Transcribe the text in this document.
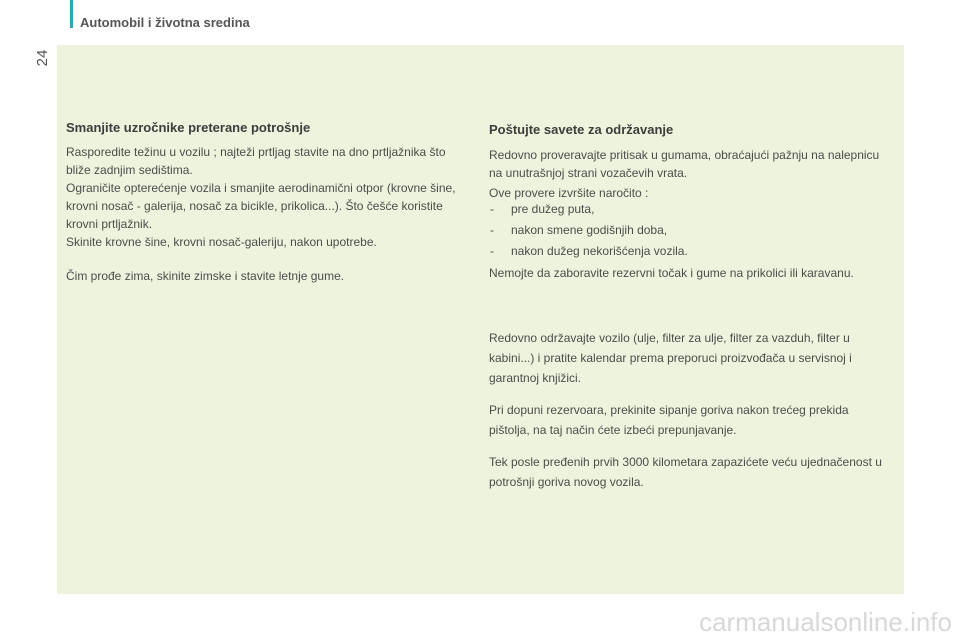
Automobil i životna sredina
24
Smanjite uzročnike preterane potrošnje

Rasporedite težinu u vozilu ; najteži prtljag stavite na dno prtljažnika što bliže zadnjim sedištima.

Ograničite opterećenje vozila i smanjite aerodinamični otpor (krovne šine, krovni nosač - galerija, nosač za bicikle, prikolica...). Što češće koristite krovni prtljažnik.

Skinite krovne šine, krovni nosač-galeriju, nakon upotrebe.

Čim prođe zima, skinite zimske i stavite letnje gume.

Poštujte savete za održavanje

Redovno proveravajte pritisak u gumama, obraćajući pažnju na nalepnicu na unutrašnjoj strani vozačevih vrata.

Ove provere izvršite naročito :

- pre dužeg puta,
- nakon smene godišnjih doba,
- nakon dužeg nekorišćenja vozila.

Nemojte da zaboravite rezervni točak i gume na prikolici ili karavanu.

Redovno održavajte vozilo (ulje, filter za ulje, filter za vazduh, filter u kabini...) i pratite kalendar prema preporuci proizvođača u servisnoj i garantnoj knjižici.

Pri dopuni rezervoara, prekinite sipanje goriva nakon trećeg prekida pištolja, na taj način ćete izbeći prepunjavanje.

Tek posle pređenih prvih 3000 kilometara zapazićete veću ujednačenost u potrošnji goriva novog vozila.

carmanualsonline.info
